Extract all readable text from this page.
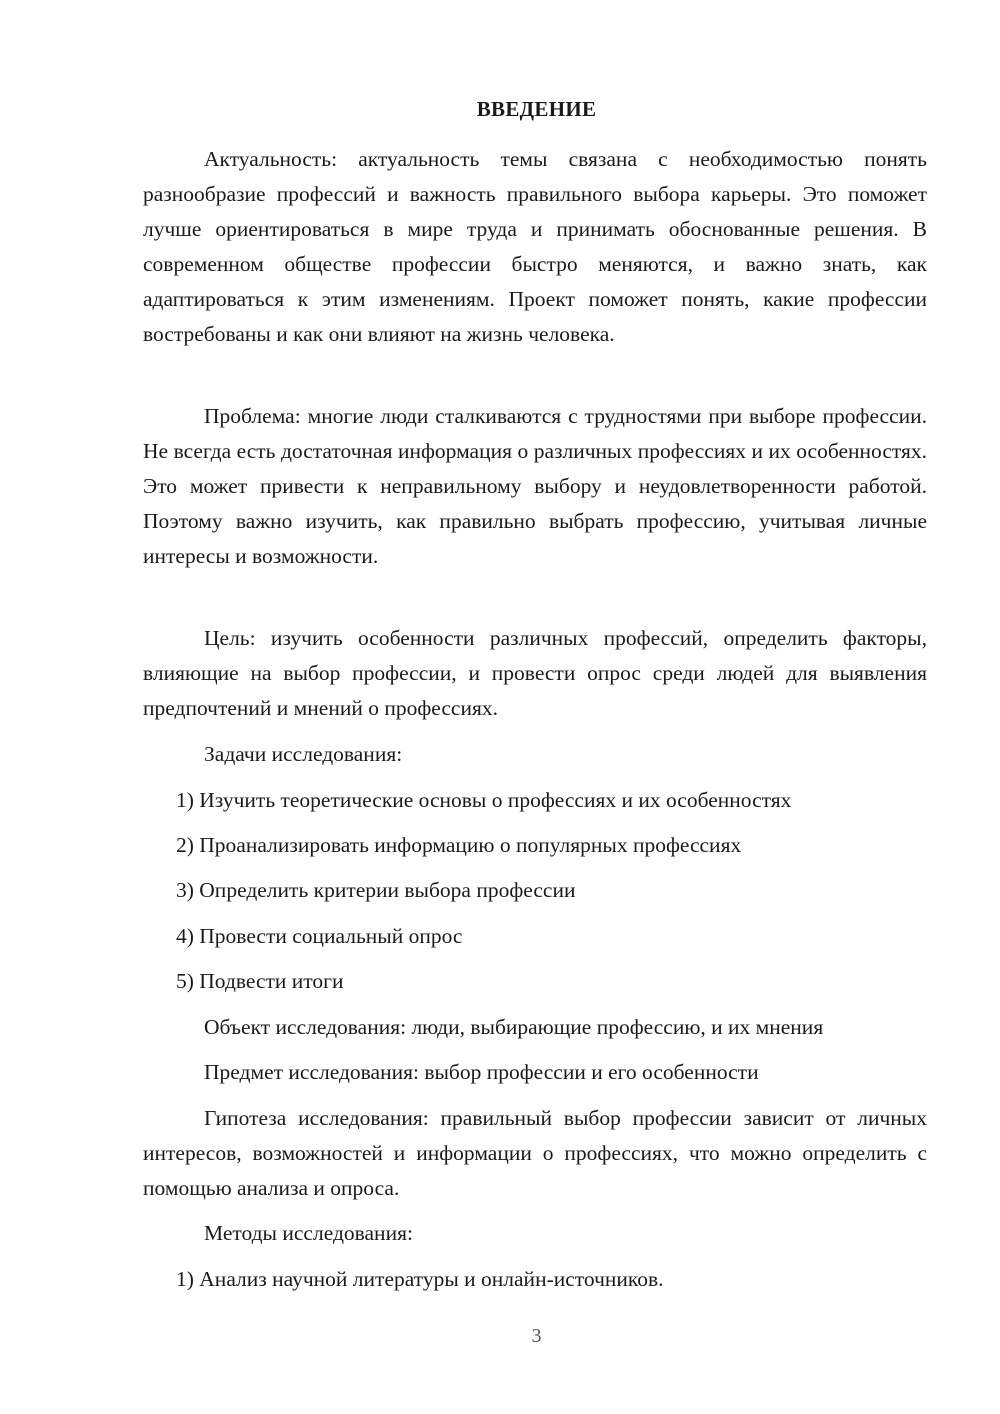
ВВЕДЕНИЕ

Актуальность: актуальность темы связана с необходимостью понять разнообразие профессий и важность правильного выбора карьеры. Это поможет лучше ориентироваться в мире труда и принимать обоснованные решения. В современном обществе профессии быстро меняются, и важно знать, как адаптироваться к этим изменениям. Проект поможет понять, какие профессии востребованы и как они влияют на жизнь человека.

Проблема: многие люди сталкиваются с трудностями при выборе профессии. Не всегда есть достаточная информация о различных профессиях и их особенностях. Это может привести к неправильному выбору и неудовлетворенности работой. Поэтому важно изучить, как правильно выбрать профессию, учитывая личные интересы и возможности.

Цель: изучить особенности различных профессий, определить факторы, влияющие на выбор профессии, и провести опрос среди людей для выявления предпочтений и мнений о профессиях.

Задачи исследования:

1) Изучить теоретические основы о профессиях и их особенностях

2) Проанализировать информацию о популярных профессиях

3) Определить критерии выбора профессии

4) Провести социальный опрос

5) Подвести итоги

Объект исследования: люди, выбирающие профессию, и их мнения

Предмет исследования: выбор профессии и его особенности

Гипотеза исследования: правильный выбор профессии зависит от личных интересов, возможностей и информации о профессиях, что можно определить с помощью анализа и опроса.

Методы исследования:

1) Анализ научной литературы и онлайн-источников.

3
